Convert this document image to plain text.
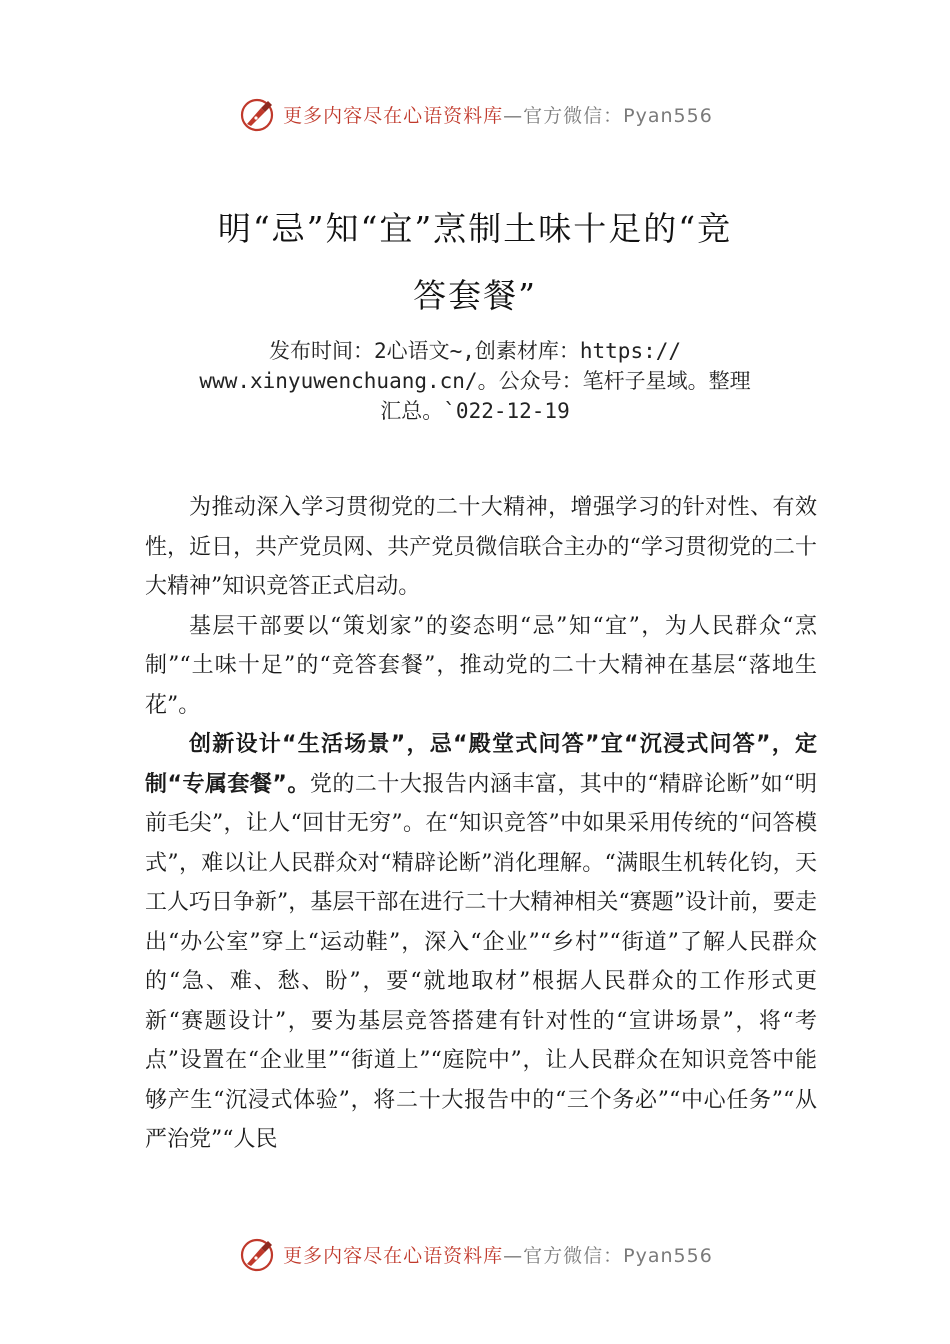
更多内容尽在心语资料库—官方微信：Pyan556
明“忌”知“宜”烹制土味十足的“竞
答套餐”
发布时间：2心语文~,创素材库：https://
www.xinyuwenchuang.cn/。公众号：笔杆子星域。整理
汇总。`022-12-19

为推动深入学习贯彻党的二十大精神，增强学习的针对性、有效性，近日，共产党员网、共产党员微信联合主办的“学习贯彻党的二十大精神”知识竞答正式启动。

基层干部要以“策划家”的姿态明“忌”知“宜”，为人民群众“烹制”“土味十足”的“竞答套餐”，推动党的二十大精神在基层“落地生花”。

创新设计“生活场景”，忌“殿堂式问答”宜“沉浸式问答”，定制“专属套餐”。党的二十大报告内涵丰富，其中的“精辟论断”如“明前毛尖”，让人“回甘无穷”。在“知识竞答”中如果采用传统的“问答模式”，难以让人民群众对“精辟论断”消化理解。“满眼生机转化钧，天工人巧日争新”，基层干部在进行二十大精神相关“赛题”设计前，要走出“办公室”穿上“运动鞋”，深入“企业”“乡村”“街道”了解人民群众的“急、难、愁、盼”，要“就地取材”根据人民群众的工作形式更新“赛题设计”，要为基层竞答搭建有针对性的“宣讲场景”，将“考点”设置在“企业里”“街道上”“庭院中”，让人民群众在知识竞答中能够产生“沉浸式体验”，将二十大报告中的“三个务必”“中心任务”“从严治党”“人民

更多内容尽在心语资料库—官方微信：Pyan556
